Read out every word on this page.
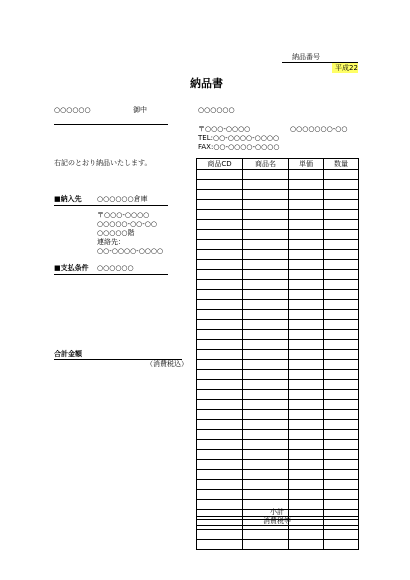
納品番号
平成22
納品書
○○○○○○	御中	○○○○○○
〒○○○-○○○○	○○○○○○○-○○
TEL:○○-○○○○-○○○○
FAX:○○-○○○○-○○○○
右記のとおり納品いたします。
■納入先 ○○○○○○倉庫
〒○○○-○○○○
○○○○○-○○-○○
○○○○○階
連絡先：
○○-○○○○-○○○○
■支払条件 ○○○○○○
合計金額
（消費税込）
商品CD	商品名	単価	数量

小計
消費税等
